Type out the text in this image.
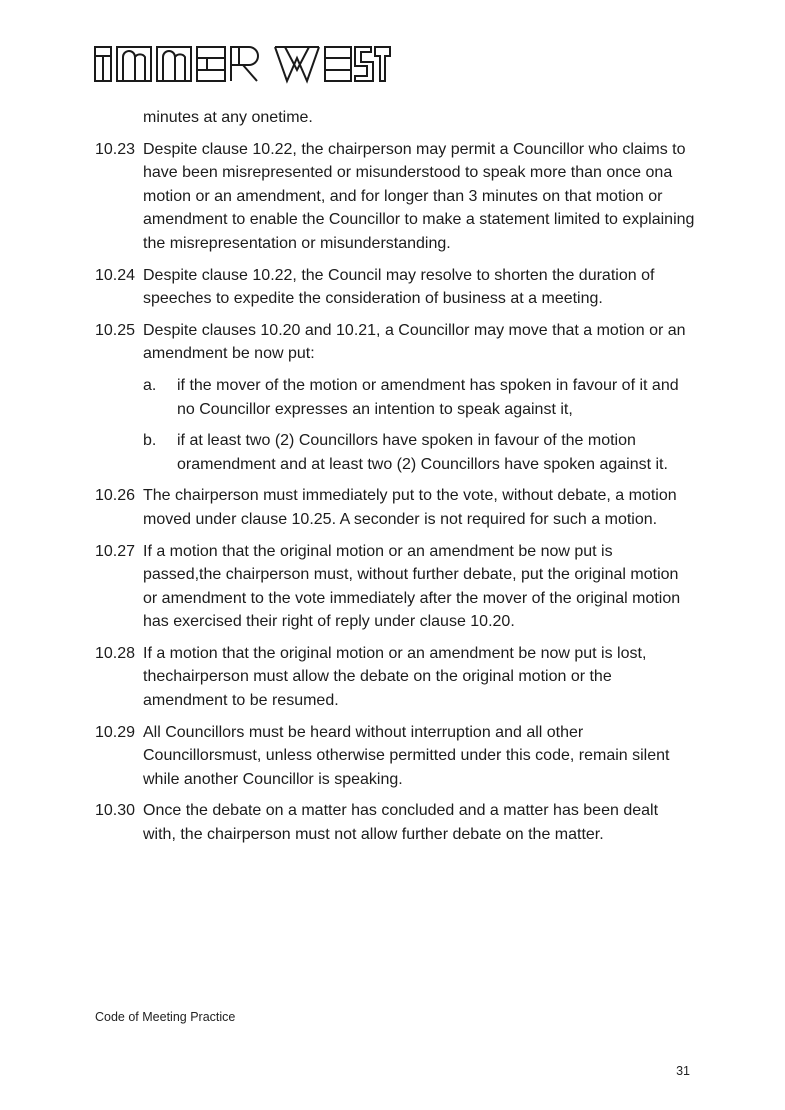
minutes at any onetime.
10.23 Despite clause 10.22, the chairperson may permit a Councillor who claims to have been misrepresented or misunderstood to speak more than once ona motion or an amendment, and for longer than 3 minutes on that motion or amendment to enable the Councillor to make a statement limited to explaining the misrepresentation or misunderstanding.
10.24 Despite clause 10.22, the Council may resolve to shorten the duration of speeches to expedite the consideration of business at a meeting.
10.25 Despite clauses 10.20 and 10.21, a Councillor may move that a motion or an amendment be now put:
a.	if the mover of the motion or amendment has spoken in favour of it and no Councillor expresses an intention to speak against it,
b.	if at least two (2) Councillors have spoken in favour of the motion oramendment and at least two (2) Councillors have spoken against it.
10.26 The chairperson must immediately put to the vote, without debate, a motion moved under clause 10.25. A seconder is not required for such a motion.
10.27 If a motion that the original motion or an amendment be now put is passed,the chairperson must, without further debate, put the original motion or amendment to the vote immediately after the mover of the original motion has exercised their right of reply under clause 10.20.
10.28 If a motion that the original motion or an amendment be now put is lost, thechairperson must allow the debate on the original motion or the amendment to be resumed.
10.29 All Councillors must be heard without interruption and all other Councillorsmust, unless otherwise permitted under this code, remain silent while another Councillor is speaking.
10.30 Once the debate on a matter has concluded and a matter has been dealt with, the chairperson must not allow further debate on the matter.
Code of Meeting Practice
31
